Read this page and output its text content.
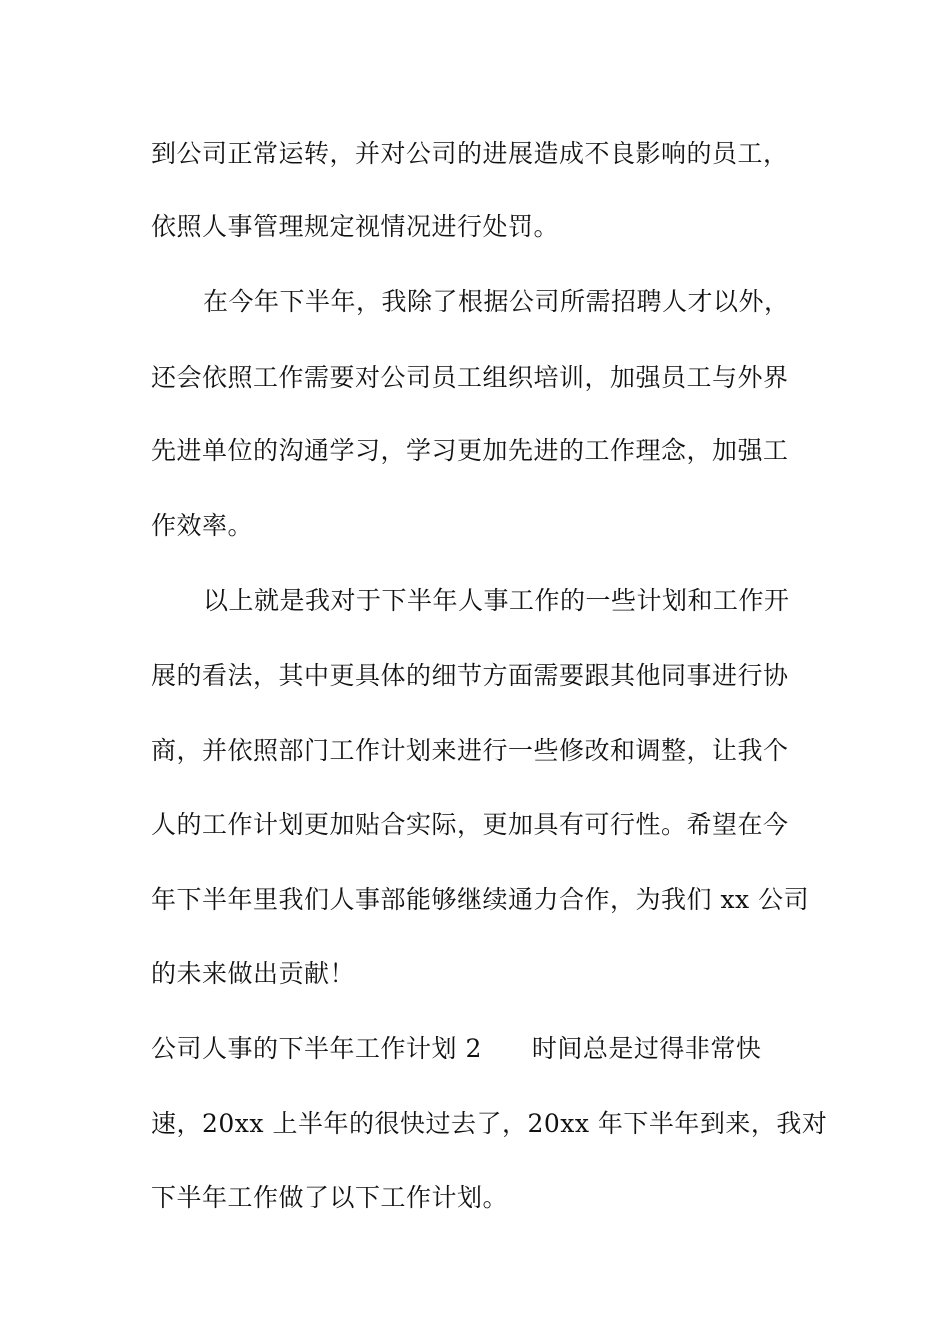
到公司正常运转，并对公司的进展造成不良影响的员工，
依照人事管理规定视情况进行处罚。
在今年下半年，我除了根据公司所需招聘人才以外，
还会依照工作需要对公司员工组织培训，加强员工与外界
先进单位的沟通学习，学习更加先进的工作理念，加强工
作效率。
以上就是我对于下半年人事工作的一些计划和工作开
展的看法，其中更具体的细节方面需要跟其他同事进行协
商，并依照部门工作计划来进行一些修改和调整，让我个
人的工作计划更加贴合实际，更加具有可行性。希望在今
年下半年里我们人事部能够继续通力合作，为我们 xx 公司
的未来做出贡献！
公司人事的下半年工作计划 2 时间总是过得非常快
速，20xx 上半年的很快过去了，20xx 年下半年到来，我对
下半年工作做了以下工作计划。
